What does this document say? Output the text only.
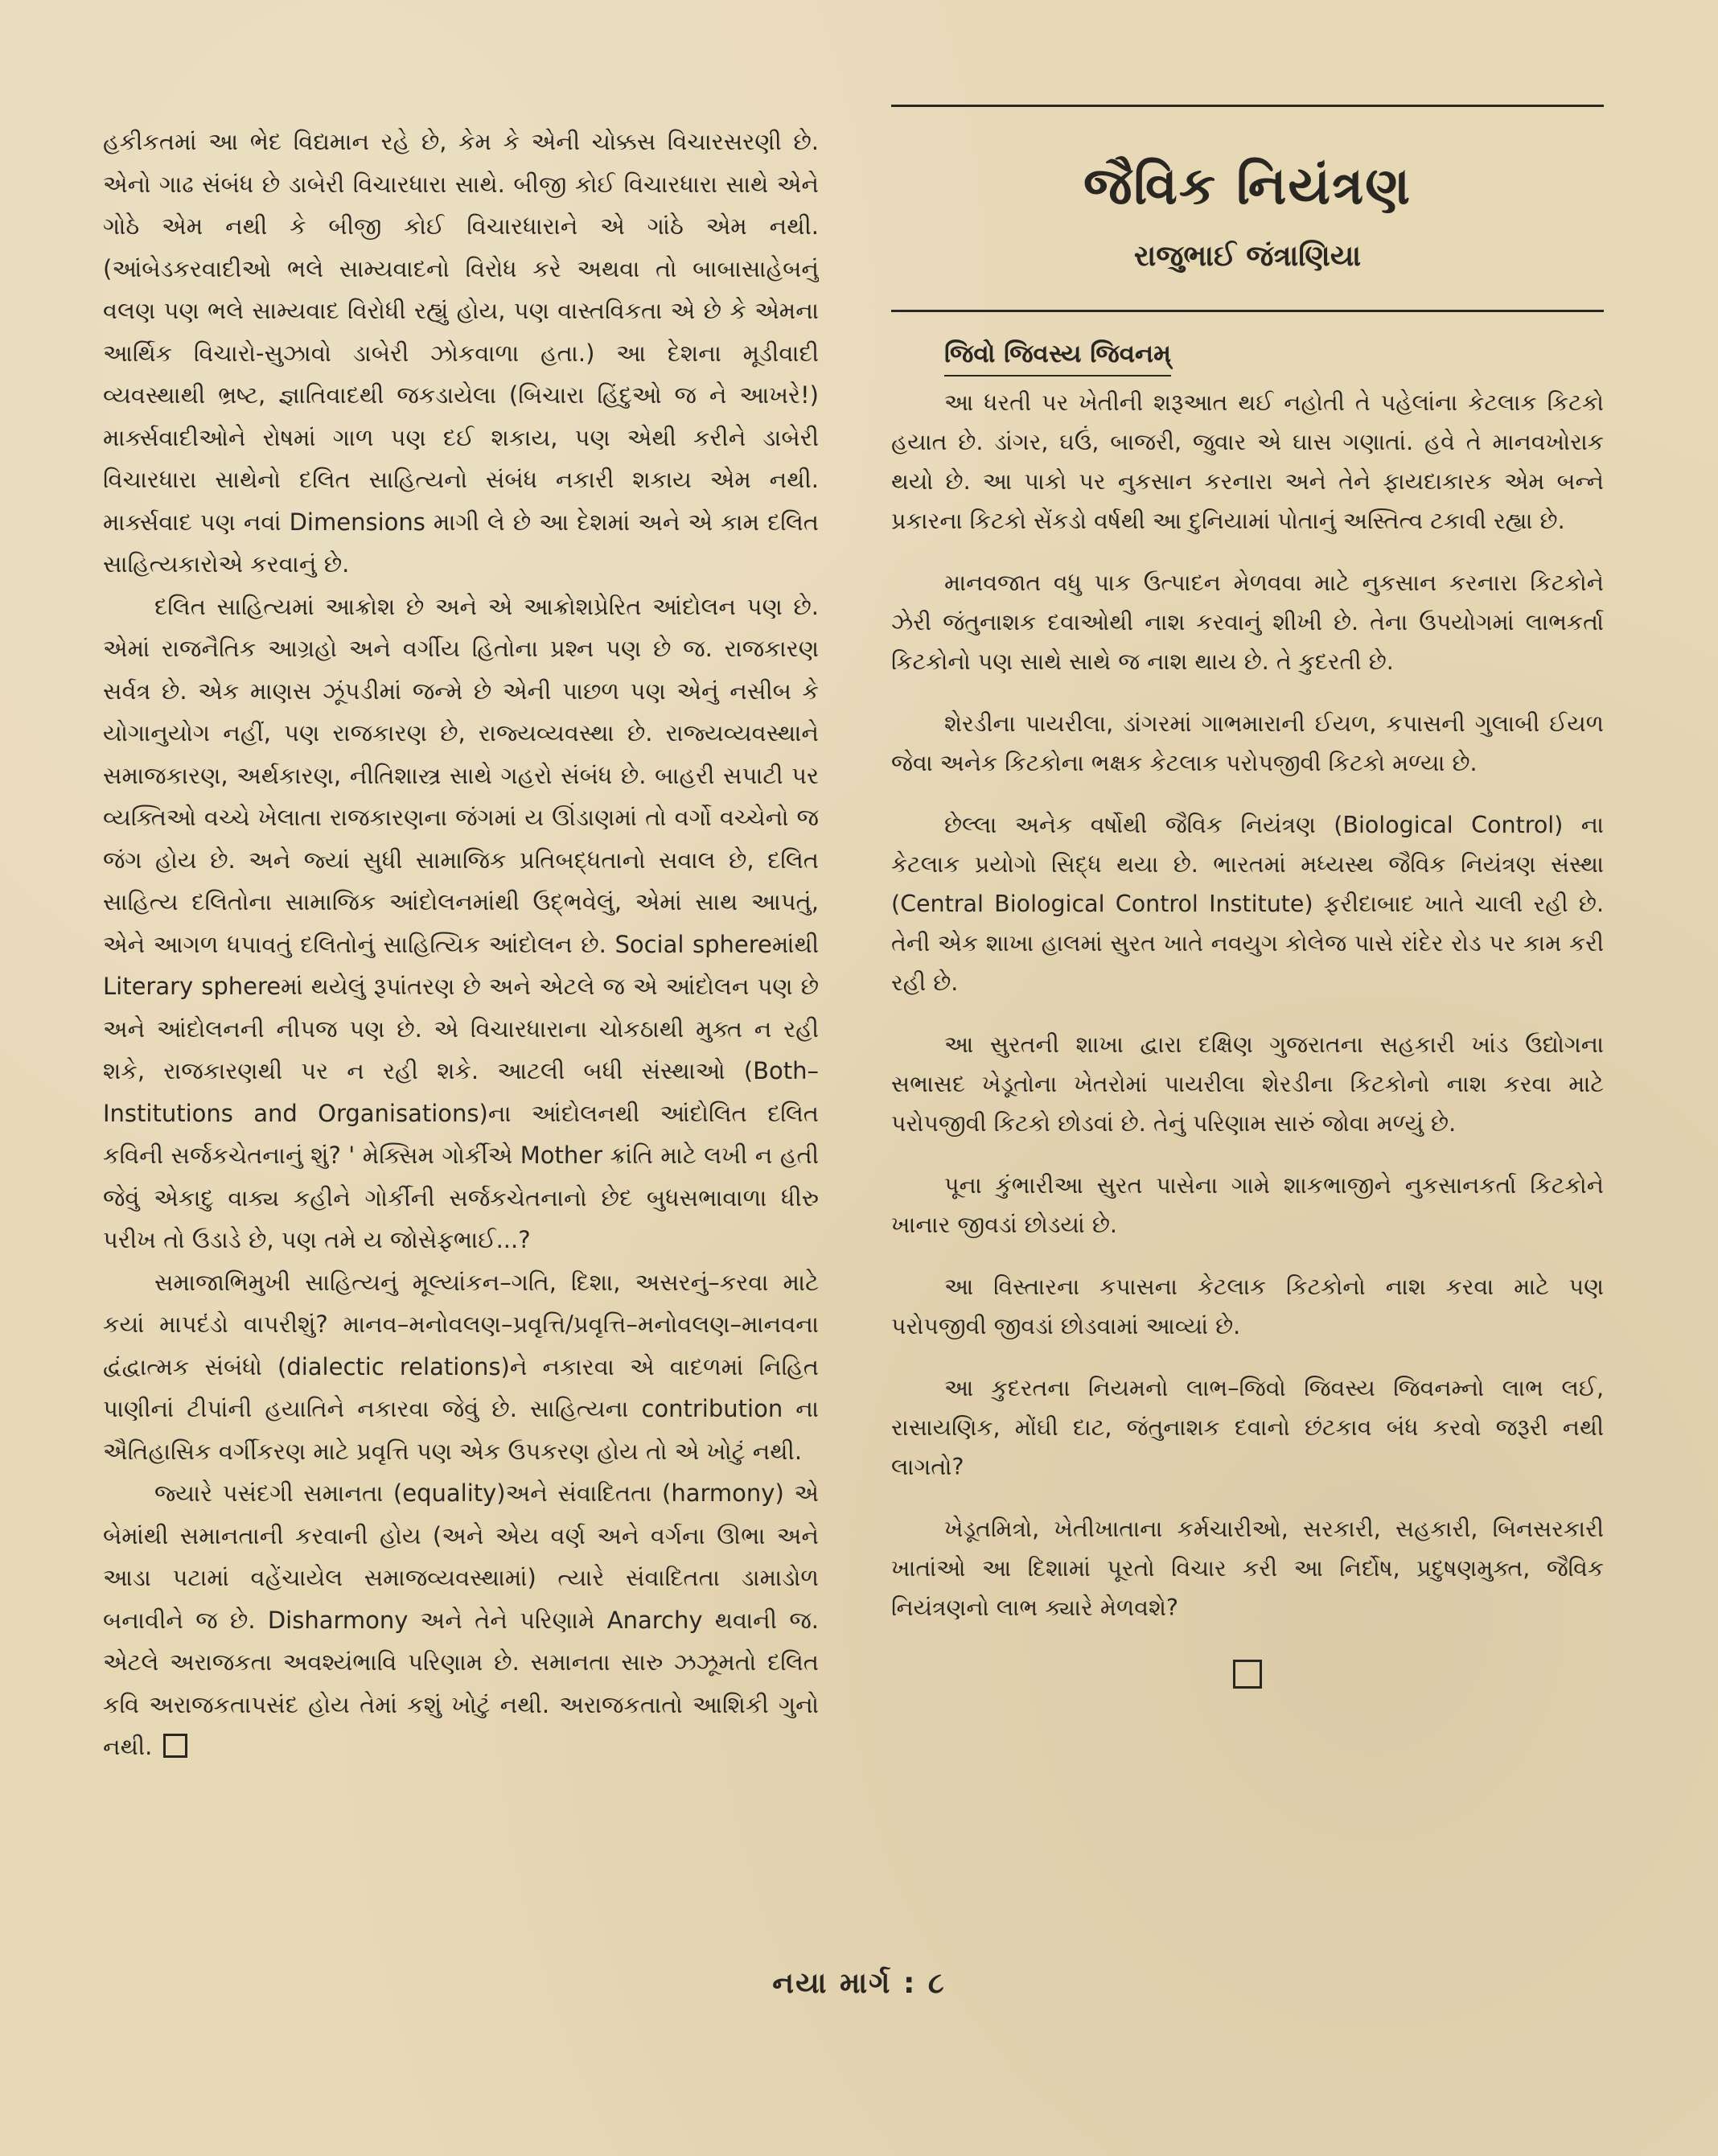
હકીકતમાં આ ભેદ વિદ્યમાન રહે છે, કેમ કે એની ચોક્કસ વિચારસરણી છે. એનો ગાઢ સંબંધ છે ડાબેરી વિચારધારા સાથે. બીજી કોઈ વિચારધારા સાથે એને ગોઠે એમ નથી કે બીજી કોઈ વિચારધારાને એ ગાંઠે એમ નથી. (આંબેડકરવાદીઓ ભલે સામ્યવાદનો વિરોધ કરે અથવા તો બાબાસાહેબનું વલણ પણ ભલે સામ્યવાદ વિરોધી રહ્યું હોય, પણ વાસ્તવિકતા એ છે કે એમના આર્થિક વિચારો-સુઝાવો ડાબેરી ઝોકવાળા હતા.) આ દેશના મૂડીવાદી વ્યવસ્થાથી ભ્રષ્ટ, જ્ઞાતિવાદથી જકડાયેલા (બિચારા હિંદુઓ જ ને આખરે!) માર્ક્સવાદીઓને રોષમાં ગાળ પણ દઈ શકાય, પણ એથી કરીને ડાબેરી વિચારધારા સાથેનો દલિત સાહિત્યનો સંબંધ નકારી શકાય એમ નથી. માર્ક્સવાદ પણ નવાં Dimensions માગી લે છે આ દેશમાં અને એ કામ દલિત સાહિત્યકારોએ કરવાનું છે.

દલિત સાહિત્યમાં આક્રોશ છે અને એ આક્રોશપ્રેરિત આંદોલન પણ છે. એમાં રાજનૈતિક આગ્રહો અને વર્ગીય હિતોના પ્રશ્ન પણ છે જ. રાજકારણ સર્વત્ર છે. એક માણસ ઝૂંપડીમાં જન્મે છે એની પાછળ પણ એનું નસીબ કે યોગાનુયોગ નહીં, પણ રાજકારણ છે, રાજ્યવ્યવસ્થા છે. રાજ્યવ્યવસ્થાને સમાજકારણ, અર્થકારણ, નીતિશાસ્ત્ર સાથે ગહરો સંબંધ છે. બાહરી સપાટી પર વ્યક્તિઓ વચ્ચે ખેલાતા રાજકારણના જંગમાં ય ઊંડાણમાં તો વર્ગો વચ્ચેનો જ જંગ હોય છે. અને જ્યાં સુધી સામાજિક પ્રતિબદ્ધતાનો સવાલ છે, દલિત સાહિત્ય દલિતોના સામાજિક આંદોલનમાંથી ઉદ્ભવેલું, એમાં સાથ આપતું, એને આગળ ધપાવતું દલિતોનું સાહિત્યિક આંદોલન છે. Social sphereમાંથી Literary sphereમાં થયેલું રૂપાંતરણ છે અને એટલે જ એ આંદોલન પણ છે અને આંદોલનની નીપજ પણ છે. એ વિચારધારાના ચોકઠાથી મુક્ત ન રહી શકે, રાજકારણથી પર ન રહી શકે. આટલી બધી સંસ્થાઓ (Both–Institutions and Organisations)ના આંદોલનથી આંદોલિત દલિત કવિની સર્જકચેતનાનું શું? ' મેક્સિમ ગોર્કીએ Mother ક્રાંતિ માટે લખી ન હતી જેવું એકાદુ વાક્ય કહીને ગોર્કીની સર્જકચેતનાનો છેદ બુધસભાવાળા ધીરુ પરીખ તો ઉડાડે છે, પણ તમે ય જોસેફભાઈ...?

સમાજાભિમુખી સાહિત્યનું મૂલ્યાંકન–ગતિ, દિશા, અસરનું–કરવા માટે કયાં માપદંડો વાપરીશું? માનવ–મનોવલણ–પ્રવૃત્તિ/પ્રવૃત્તિ–મનોવલણ–માનવના દ્વંદ્વાત્મક સંબંધો (dialectic relations)ને નકારવા એ વાદળમાં નિહિત પાણીનાં ટીપાંની હયાતિને નકારવા જેવું છે. સાહિત્યના contribution ના ઐતિહાસિક વર્ગીકરણ માટે પ્રવૃત્તિ પણ એક ઉપકરણ હોય તો એ ખોટું નથી.

જ્યારે પસંદગી સમાનતા (equality)અને સંવાદિતતા (harmony) એ બેમાંથી સમાનતાની કરવાની હોય (અને એય વર્ણ અને વર્ગના ઊભા અને આડા પટામાં વહેંચાયેલ સમાજવ્યવસ્થામાં) ત્યારે સંવાદિતતા ડામાડોળ બનાવીને જ છે. Disharmony અને તેને પરિણામે Anarchy થવાની જ. એટલે અરાજકતા અવશ્યંભાવિ પરિણામ છે. સમાનતા સારુ ઝઝૂમતો દલિત કવિ અરાજકતાપસંદ હોય તેમાં કશું ખોટું નથી. અરાજકતાતો આશિકી ગુનો નથી.

જૈવિક નિયંત્રણ
રાજુભાઈ જંત્રાણિયા
જિવો જિવસ્ય જિવનમ્

આ ધરતી પર ખેતીની શરૂઆત થઈ નહોતી તે પહેલાંના કેટલાક કિટકો હયાત છે. ડાંગર, ઘઉં, બાજરી, જુવાર એ ઘાસ ગણાતાં. હવે તે માનવખોરાક થયો છે. આ પાકો પર નુકસાન કરનારા અને તેને ફાયદાકારક એમ બન્ને પ્રકારના કિટકો સેંકડો વર્ષથી આ દુનિયામાં પોતાનું અસ્તિત્વ ટકાવી રહ્યા છે.

માનવજાત વધુ પાક ઉત્પાદન મેળવવા માટે નુકસાન કરનારા કિટકોને ઝેરી જંતુનાશક દવાઓથી નાશ કરવાનું શીખી છે. તેના ઉપયોગમાં લાભકર્તા કિટકોનો પણ સાથે સાથે જ નાશ થાય છે. તે કુદરતી છે.

શેરડીના પાયરીલા, ડાંગરમાં ગાભમારાની ઈયળ, કપાસની ગુલાબી ઈયળ જેવા અનેક કિટકોના ભક્ષક કેટલાક પરોપજીવી કિટકો મળ્યા છે.

છેલ્લા અનેક વર્ષોથી જૈવિક નિયંત્રણ (Biological Control) ના કેટલાક પ્રયોગો સિદ્ધ થયા છે. ભારતમાં મધ્યસ્થ જૈવિક નિયંત્રણ સંસ્થા (Central Biological Control Institute) ફરીદાબાદ ખાતે ચાલી રહી છે. તેની એક શાખા હાલમાં સુરત ખાતે નવયુગ કોલેજ પાસે રાંદેર રોડ પર કામ કરી રહી છે.

આ સુરતની શાખા દ્વારા દક્ષિણ ગુજરાતના સહકારી ખાંડ ઉદ્યોગના સભાસદ ખેડૂતોના ખેતરોમાં પાયરીલા શેરડીના કિટકોનો નાશ કરવા માટે પરોપજીવી કિટકો છોડવાં છે. તેનું પરિણામ સારું જોવા મળ્યું છે.

પૂના કુંભારીઆ સુરત પાસેના ગામે શાકભાજીને નુકસાનકર્તા કિટકોને ખાનાર જીવડાં છોડયાં છે.

આ વિસ્તારના કપાસના કેટલાક કિટકોનો નાશ કરવા માટે પણ પરોપજીવી જીવડાં છોડવામાં આવ્યાં છે.

આ કુદરતના નિયમનો લાભ–જિવો જિવસ્ય જિવનમ્નો લાભ લઈ, રાસાયણિક, મોંઘી દાટ, જંતુનાશક દવાનો છંટકાવ બંધ કરવો જરૂરી નથી લાગતો?

ખેડૂતમિત્રો, ખેતીખાતાના કર્મચારીઓ, સરકારી, સહકારી, બિનસરકારી ખાતાંઓ આ દિશામાં પૂરતો વિચાર કરી આ નિર્દોષ, પ્રદુષણમુક્ત, જૈવિક નિયંત્રણનો લાભ ક્યારે મેળવશે?

નયા માર્ગ : ૮
